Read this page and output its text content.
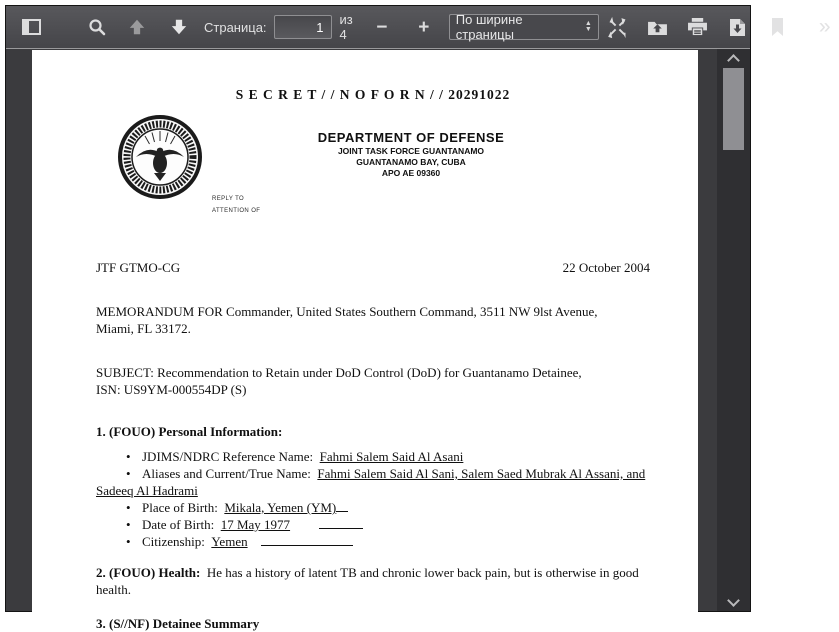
Страница:
1	из 4	− + По ширине страницы
▲
▼	»
S E C R E T / / N O F O R N / / 20291022
DEPARTMENT OF DEFENSE
JOINT TASK FORCE GUANTANAMO
GUANTANAMO BAY, CUBA
APO AE 09360
REPLY TO
ATTENTION OF
JTF GTMO-CG	22 October 2004
MEMORANDUM FOR Commander, United States Southern Command, 3511 NW 9lst Avenue,
Miami, FL 33172.
SUBJECT: Recommendation to Retain under DoD Control (DoD) for Guantanamo Detainee,
ISN: US9YM-000554DP (S)
1. (FOUO) Personal Information:
• JDIMS/NDRC Reference Name: Fahmi Salem Said Al Asani
• Aliases and Current/True Name: Fahmi Salem Said Al Sani, Salem Saed Mubrak Al Assani, and Sadeeq Al Hadrami
• Place of Birth: Mikala, Yemen (YM)
• Date of Birth: 17 May 1977
• Citizenship: Yemen
2. (FOUO) Health: He has a history of latent TB and chronic lower back pain, but is otherwise in good health.
3. (S//NF) Detainee Summary
